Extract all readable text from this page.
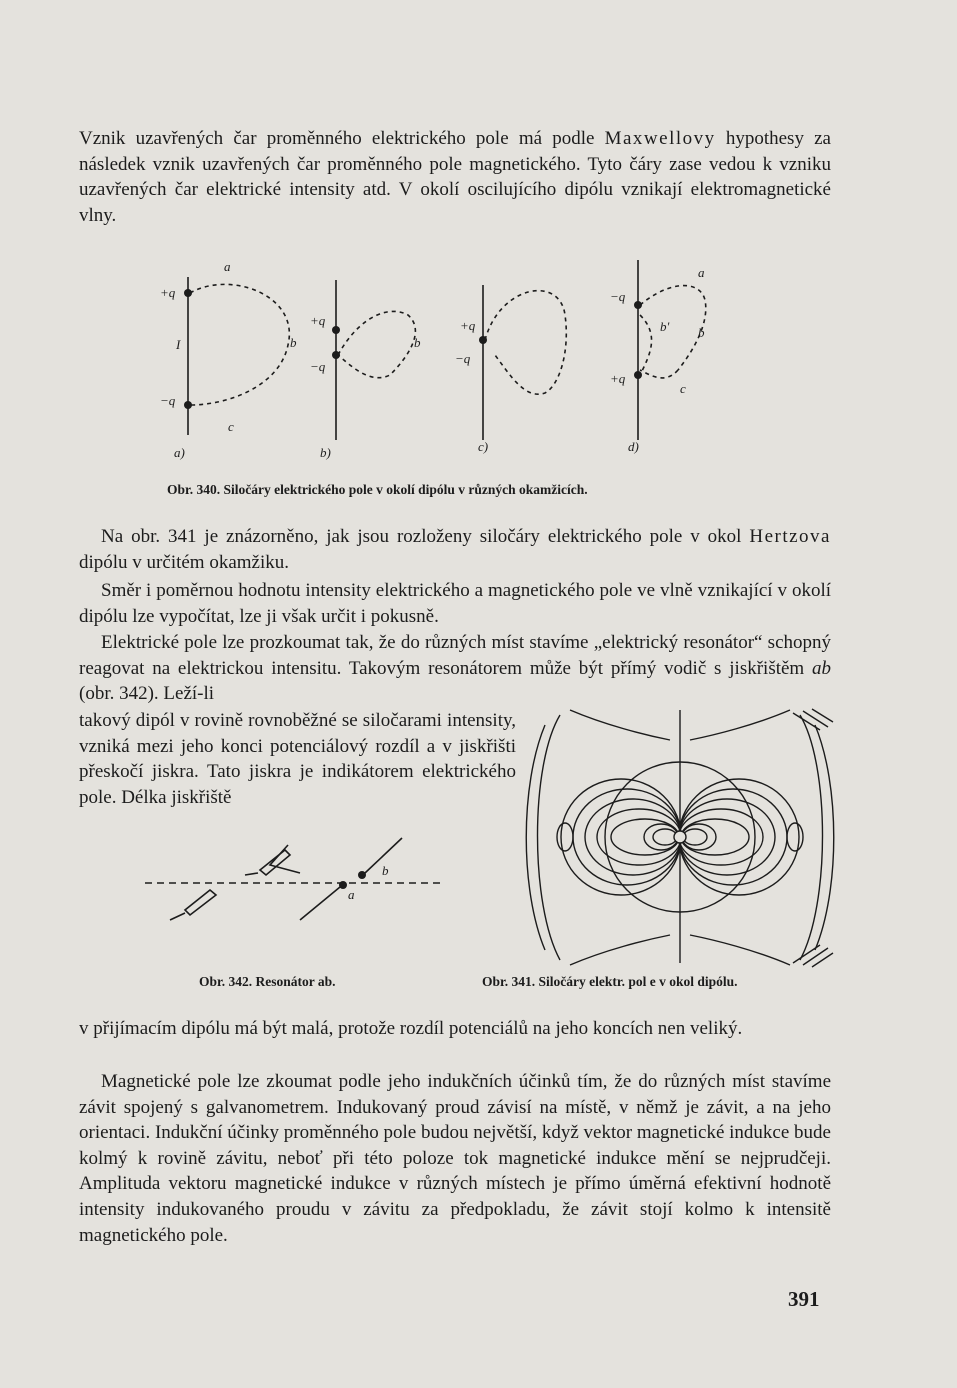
Vznik uzavřených čar proměnného elektrického pole má podle Maxwellovy hypothesy za následek vznik uzavřených čar proměnného pole magnetického. Tyto čáry zase vedou k vzniku uzavřených čar elektrické intensity atd. V okolí oscilujícího dipólu vznikají elektromagnetické vlny.

a
b
c
+q
−q
I
+q
−q
b
+q
−q
−q
+q
a
b
b'
c
a)	b)	c)	d)

Obr. 340. Siločáry elektrického pole v okolí dipólu v různých okamžicích.

Na obr. 341 je znázorněno, jak jsou rozloženy siločáry elektrického pole v okol Hertzova dipólu v určitém okamžiku.

Směr i poměrnou hodnotu intensity elektrického a magnetického pole ve vlně vznikající v okolí dipólu lze vypočítat, lze ji však určit i pokusně.

Elektrické pole lze prozkoumat tak, že do různých míst stavíme „elektrický resonátor“ schopný reagovat na elektrickou intensitu. Takovým resonátorem může být přímý vodič s jiskřištěm ab (obr. 342). Leží-li

takový dipól v rovině rovnoběžné se siločarami intensity, vzniká mezi jeho konci potenciálový rozdíl a v jiskřišti přeskočí jiskra. Tato jiskra je indikátorem elektrického pole. Délka jiskřiště

b
a

Obr. 342. Resonátor ab.	Obr. 341. Siločáry elektr. pol e v okol dipólu.

v přijímacím dipólu má být malá, protože rozdíl potenciálů na jeho koncích nen veliký.

Magnetické pole lze zkoumat podle jeho indukčních účinků tím, že do různých míst stavíme závit spojený s galvanometrem. Indukovaný proud závisí na místě, v němž je závit, a na jeho orientaci. Indukční účinky proměnného pole budou největší, když vektor magnetické indukce bude kolmý k rovině závitu, neboť při této poloze tok magnetické indukce mění se nejprudčeji. Amplituda vektoru magnetické indukce v různých místech je přímo úměrná efektivní hodnotě intensity indukovaného proudu v závitu za předpokladu, že závit stojí kolmo k intensitě magnetického pole.

391
